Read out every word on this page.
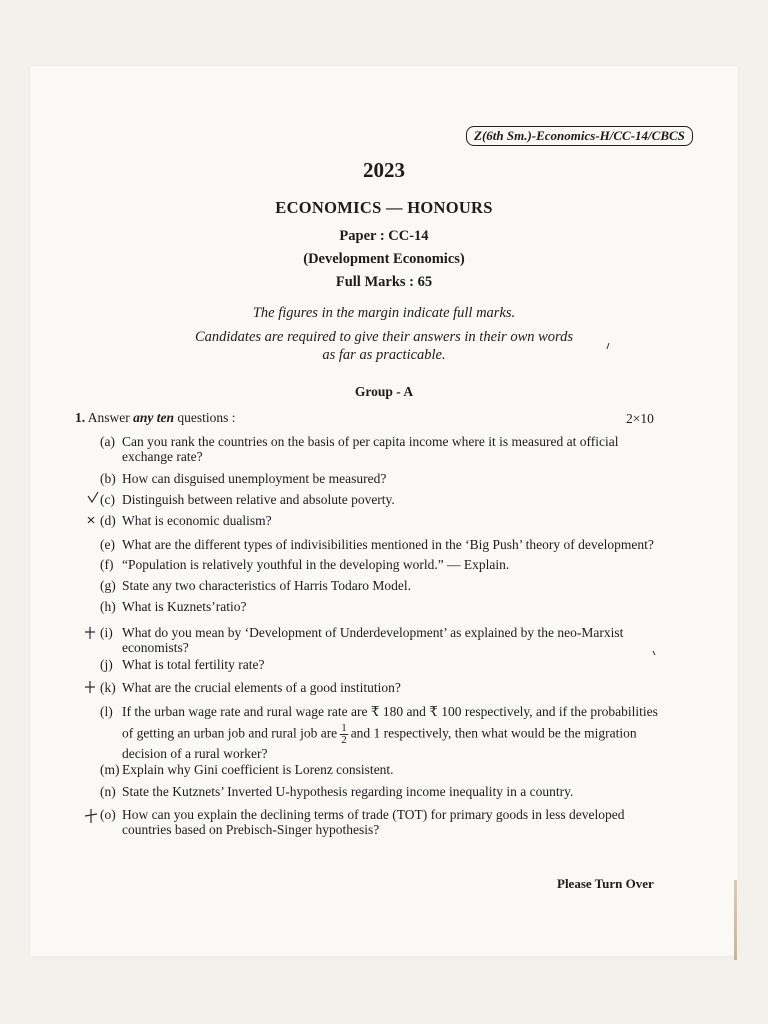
Z(6th Sm.)-Economics-H/CC-14/CBCS
2023
ECONOMICS — HONOURS
Paper : CC-14
(Development Economics)
Full Marks : 65
The figures in the margin indicate full marks.
Candidates are required to give their answers in their own words
as far as practicable.
Group - A
1. Answer any ten questions :	2×10
(a) Can you rank the countries on the basis of per capita income where it is measured at official
exchange rate?
(b) How can disguised unemployment be measured?
(c) Distinguish between relative and absolute poverty.
(d) What is economic dualism?
(e) What are the different types of indivisibilities mentioned in the ‘Big Push’ theory of development?
(f) “Population is relatively youthful in the developing world.” — Explain.
(g) State any two characteristics of Harris Todaro Model.
(h) What is Kuznets’ratio?
(i) What do you mean by ‘Development of Underdevelopment’ as explained by the neo-Marxist
economists?
(j) What is total fertility rate?
(k) What are the crucial elements of a good institution?
(l) If the urban wage rate and rural wage rate are ₹ 180 and ₹ 100 respectively, and if the probabilities
of getting an urban job and rural job are $\frac{1}{2}$ and 1 respectively, then what would be the migration
decision of a rural worker?
(m) Explain why Gini coefficient is Lorenz consistent.
(n) State the Kutznets’ Inverted U-hypothesis regarding income inequality in a country.
(o) How can you explain the declining terms of trade (TOT) for primary goods in less developed
countries based on Prebisch-Singer hypothesis?
Please Turn Over
